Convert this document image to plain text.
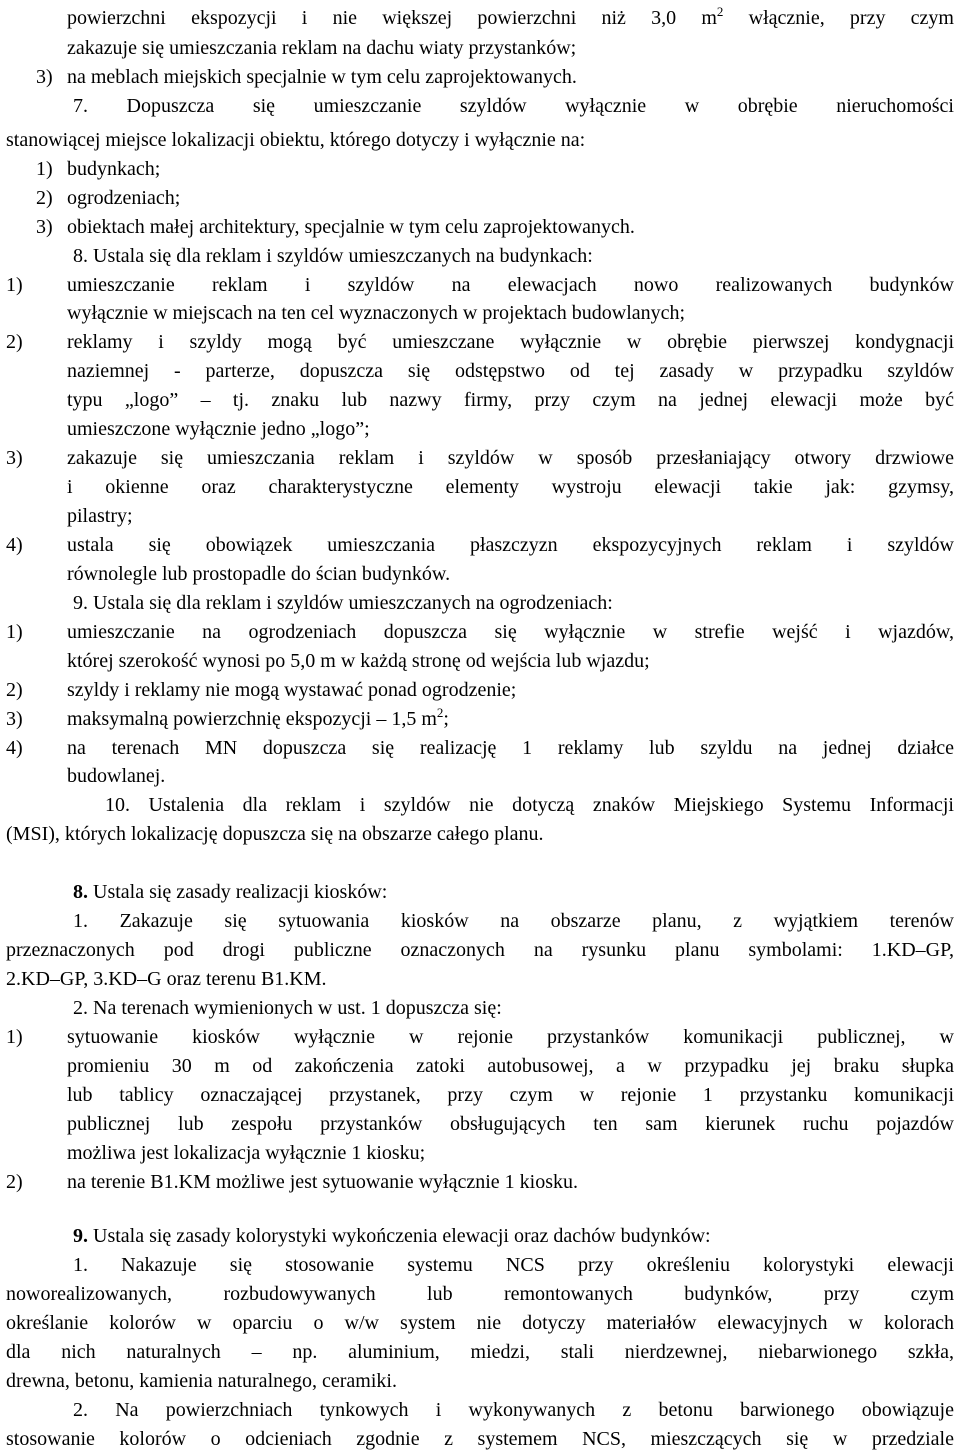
powierzchni ekspozycji i nie większej powierzchni niż 3,0 $m^2$ włącznie, przy czym
zakazuje się umieszczania reklam na dachu wiaty przystanków;
3) na meblach miejskich specjalnie w tym celu zaprojektowanych.
7. Dopuszcza się umieszczanie szyldów wyłącznie w obrębie nieruchomości
stanowiącej miejsce lokalizacji obiektu, którego dotyczy i wyłącznie na:
1) budynkach;
2) ogrodzeniach;
3) obiektach małej architektury, specjalnie w tym celu zaprojektowanych.
8. Ustala się dla reklam i szyldów umieszczanych na budynkach:
1) umieszczanie reklam i szyldów na elewacjach nowo realizowanych budynków
wyłącznie w miejscach na ten cel wyznaczonych w projektach budowlanych;
2) reklamy i szyldy mogą być umieszczane wyłącznie w obrębie pierwszej kondygnacji
naziemnej - parterze, dopuszcza się odstępstwo od tej zasady w przypadku szyldów
typu „logo” – tj. znaku lub nazwy firmy, przy czym na jednej elewacji może być
umieszczone wyłącznie jedno „logo”;
3) zakazuje się umieszczania reklam i szyldów w sposób przesłaniający otwory drzwiowe
i okienne oraz charakterystyczne elementy wystroju elewacji takie jak: gzymsy,
pilastry;
4) ustala się obowiązek umieszczania płaszczyzn ekspozycyjnych reklam i szyldów
równolegle lub prostopadle do ścian budynków.
9. Ustala się dla reklam i szyldów umieszczanych na ogrodzeniach:
1) umieszczanie na ogrodzeniach dopuszcza się wyłącznie w strefie wejść i wjazdów,
której szerokość wynosi po 5,0 m w każdą stronę od wejścia lub wjazdu;
2) szyldy i reklamy nie mogą wystawać ponad ogrodzenie;
3) maksymalną powierzchnię ekspozycji – 1,5 $m^2$;
4) na terenach MN dopuszcza się realizację 1 reklamy lub szyldu na jednej działce
budowlanej.
10. Ustalenia dla reklam i szyldów nie dotyczą znaków Miejskiego Systemu Informacji
(MSI), których lokalizację dopuszcza się na obszarze całego planu.
8. Ustala się zasady realizacji kiosków:
1. Zakazuje się sytuowania kiosków na obszarze planu, z wyjątkiem terenów
przeznaczonych pod drogi publiczne oznaczonych na rysunku planu symbolami: 1.KD–GP,
2.KD–GP, 3.KD–G oraz terenu B1.KM.
2. Na terenach wymienionych w ust. 1 dopuszcza się:
1) sytuowanie kiosków wyłącznie w rejonie przystanków komunikacji publicznej, w
promieniu 30 m od zakończenia zatoki autobusowej, a w przypadku jej braku słupka
lub tablicy oznaczającej przystanek, przy czym w rejonie 1 przystanku komunikacji
publicznej lub zespołu przystanków obsługujących ten sam kierunek ruchu pojazdów
możliwa jest lokalizacja wyłącznie 1 kiosku;
2) na terenie B1.KM możliwe jest sytuowanie wyłącznie 1 kiosku.
9. Ustala się zasady kolorystyki wykończenia elewacji oraz dachów budynków:
1. Nakazuje się stosowanie systemu NCS przy określeniu kolorystyki elewacji
noworealizowanych, rozbudowywanych lub remontowanych budynków, przy czym
określanie kolorów w oparciu o w/w system nie dotyczy materiałów elewacyjnych w kolorach
dla nich naturalnych – np. aluminium, miedzi, stali nierdzewnej, niebarwionego szkła,
drewna, betonu, kamienia naturalnego, ceramiki.
2. Na powierzchniach tynkowych i wykonywanych z betonu barwionego obowiązuje
stosowanie kolorów o odcieniach zgodnie z systemem NCS, mieszczących się w przedziale
